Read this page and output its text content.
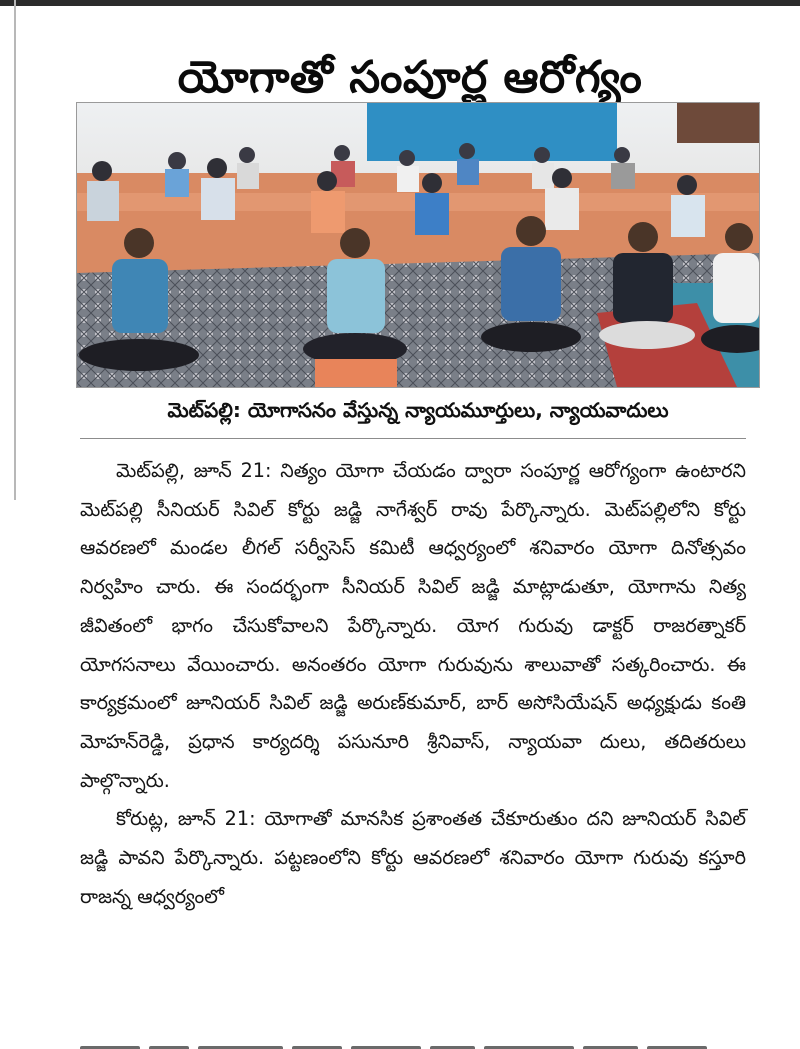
యోగాతో సంపూర్ణ ఆరోగ్యం
మెట్‌పల్లి: యోగాసనం వేస్తున్న న్యాయమూర్తులు, న్యాయవాదులు

మెట్‌పల్లి, జూన్‌ 21: నిత్యం యోగా చేయడం ద్వారా సంపూర్ణ ఆరోగ్యంగా ఉంటారని మెట్‌పల్లి సీనియర్‌ సివిల్‌ కోర్టు జడ్జి నాగేశ్వర్‌ రావు పేర్కొన్నారు. మెట్‌పల్లిలోని కోర్టు ఆవరణలో మండల లీగల్‌ సర్వీసెస్‌ కమిటీ ఆధ్వర్యంలో శనివారం యోగా దినోత్సవం నిర్వహిం చారు. ఈ సందర్భంగా సీనియర్‌ సివిల్‌ జడ్జి మాట్లాడుతూ, యోగాను నిత్య జీవితంలో భాగం చేసుకోవాలని పేర్కొన్నారు. యోగ గురువు డాక్టర్‌ రాజరత్నాకర్‌ యోగసనాలు వేయించారు. అనంతరం యోగా గురువును శాలువాతో సత్కరించారు. ఈ కార్యక్రమంలో జూనియర్‌ సివిల్‌ జడ్జి అరుణ్‌కుమార్‌, బార్‌ అసోసియేషన్‌ అధ్యక్షుడు కంతి మోహన్‌రెడ్డి, ప్రధాన కార్యదర్శి పసునూరి శ్రీనివాస్‌, న్యాయవా దులు, తదితరులు పాల్గొన్నారు.

కోరుట్ల, జూన్‌ 21: యోగాతో మానసిక ప్రశాంతత చేకూరుతుం దని జూనియర్‌ సివిల్‌ జడ్జి పావని పేర్కొన్నారు. పట్టణంలోని కోర్టు ఆవరణలో శనివారం యోగా గురువు కస్తూరి రాజన్న ఆధ్వర్యంలో
